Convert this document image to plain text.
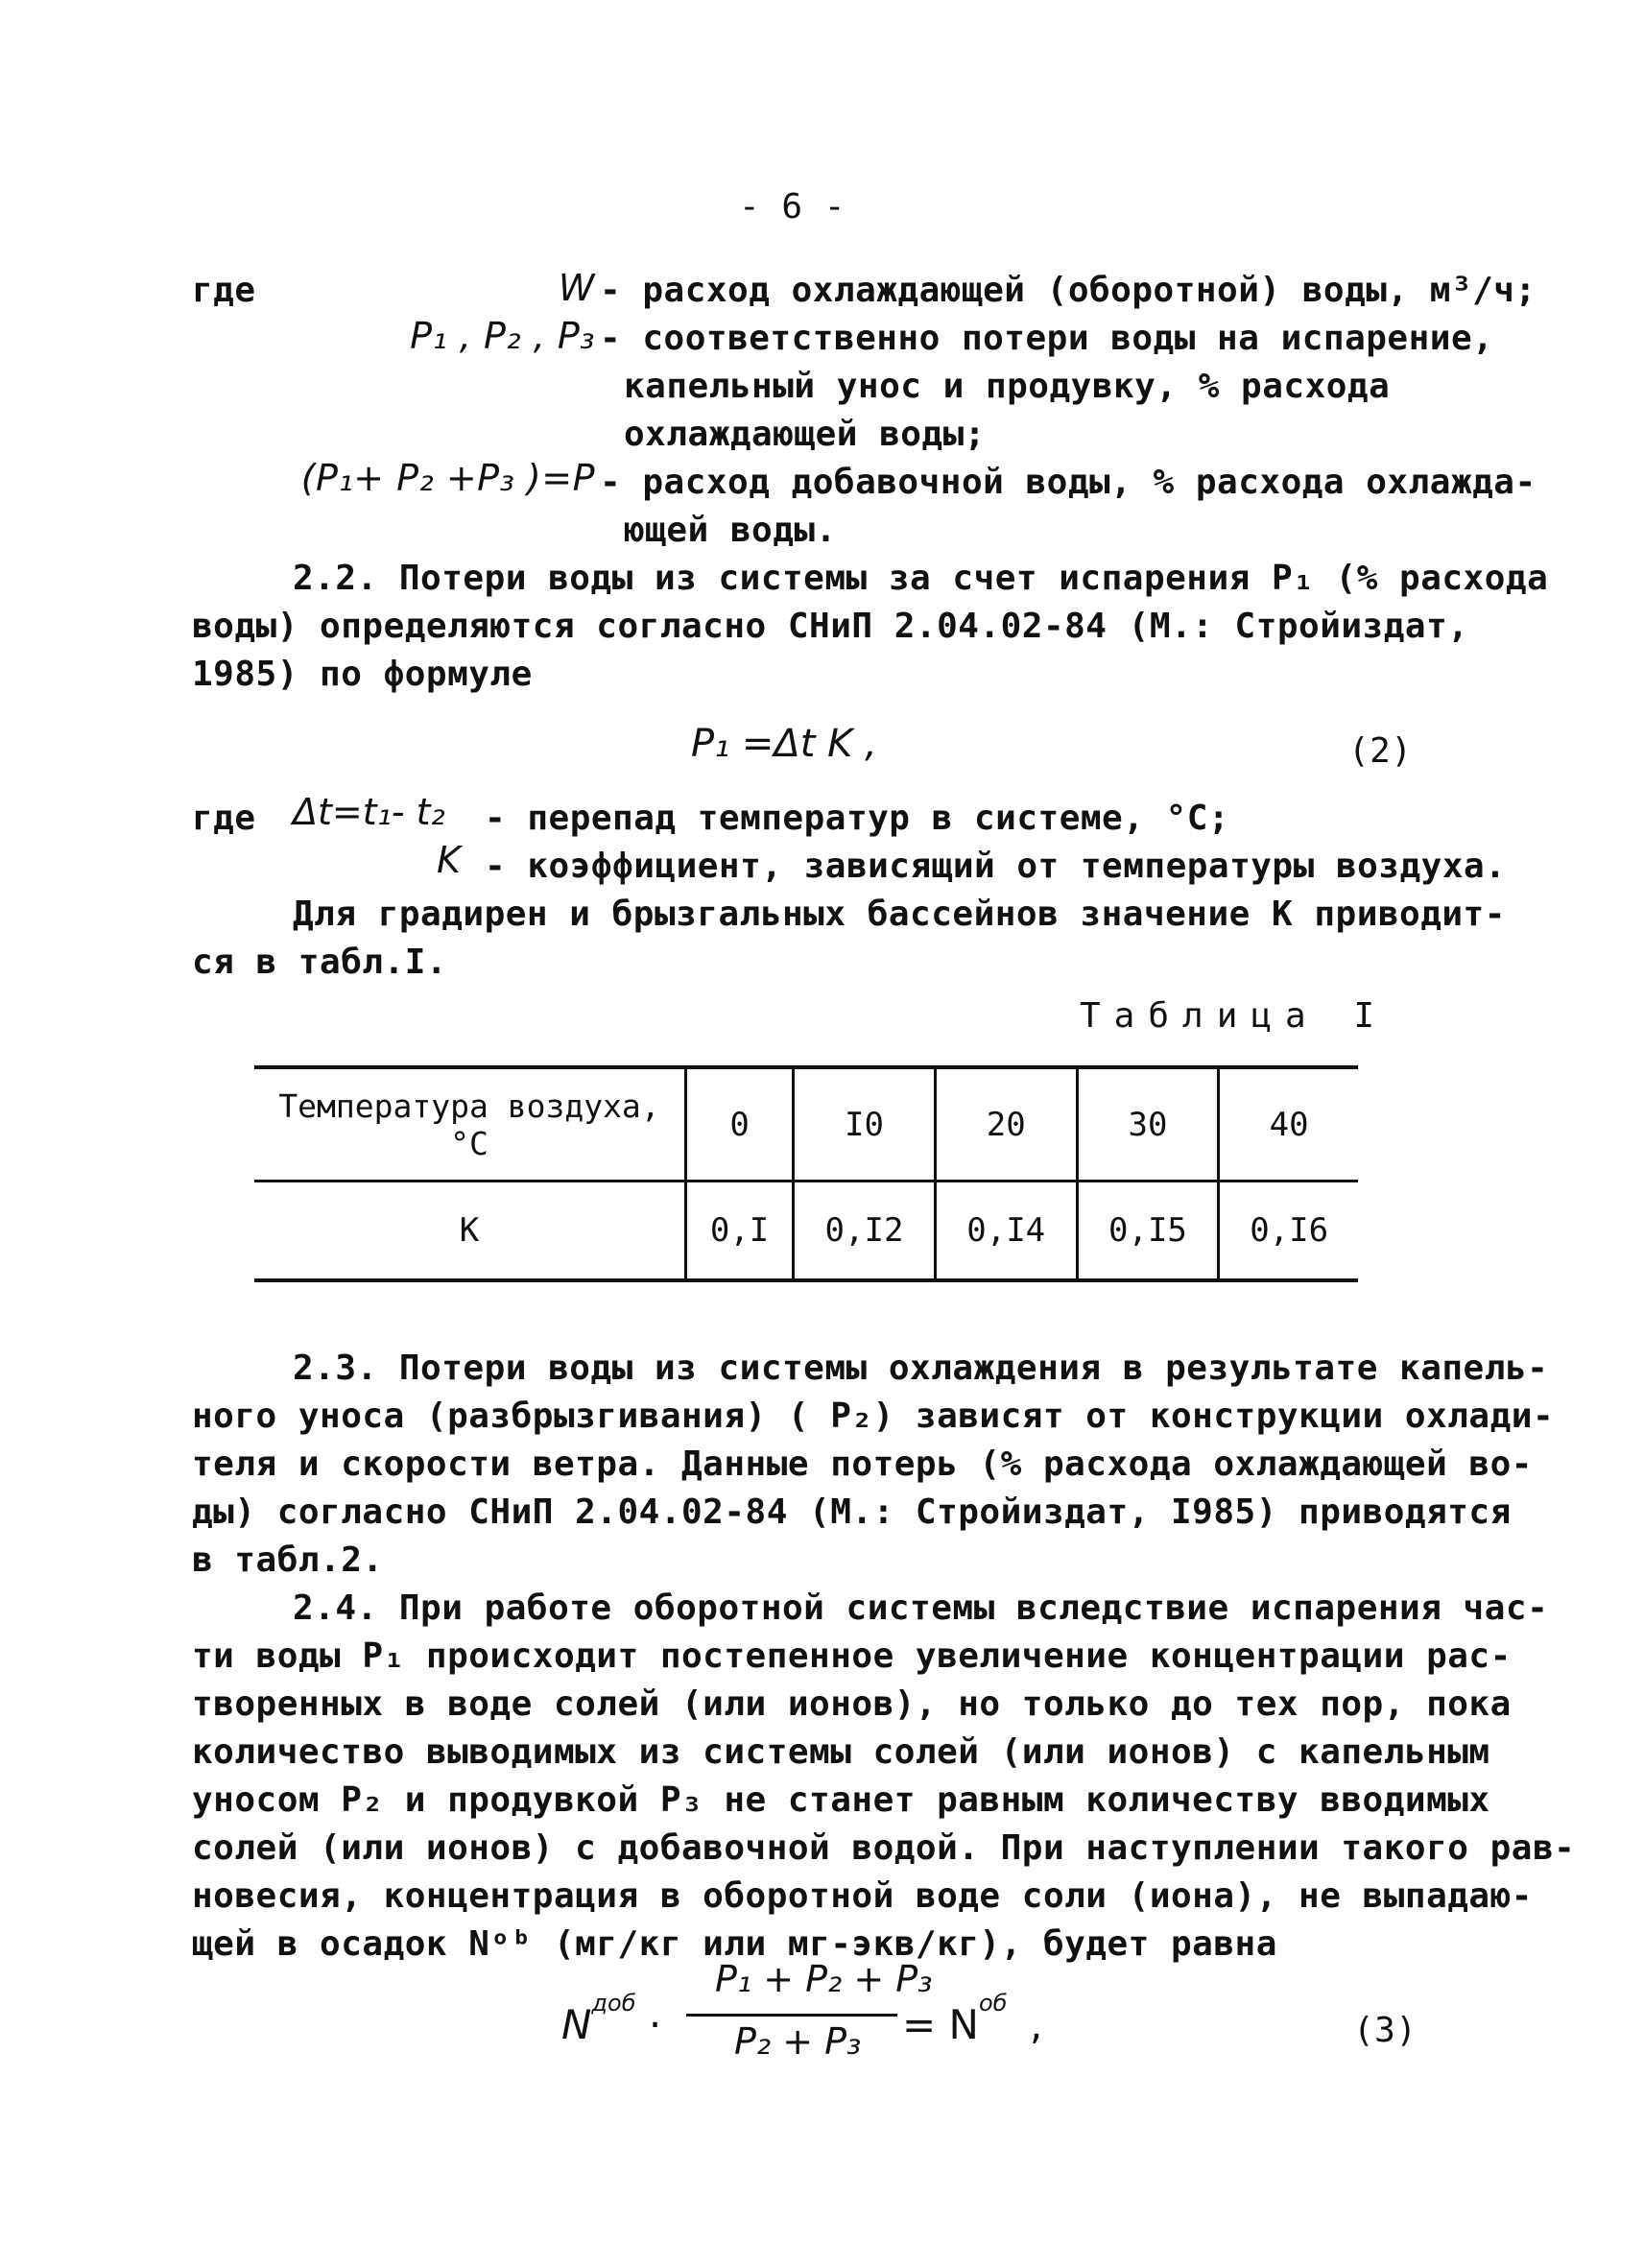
- 6 -
где	W - расход охлаждающей (оборотной) воды, м³/ч;
P₁ , P₂ , P₃ - соответственно потери воды на испарение,
капельный унос и продувку, % расхода
охлаждающей воды;
(P₁+ P₂ +P₃ )=P - расход добавочной воды, % расхода охлажда-
ющей воды.
2.2. Потери воды из системы за счет испарения P₁ (% расхода
воды) определяются согласно СНиП 2.04.02-84 (М.: Стройиздат,
1985) по формуле
P₁ =Δt K ,	(2)
где Δt=t₁- t₂ - перепад температур в системе, °C;
K - коэффициент, зависящий от температуры воздуха.
Для градирен и брызгальных бассейнов значение K приводит-
ся в табл.I.
Таблица I
Температура воздуха,
°C	0	I0	20	30	40
К	0,I	0,I2	0,I4	0,I5	0,I6
2.3. Потери воды из системы охлаждения в результате капель-
ного уноса (разбрызгивания) ( P₂) зависят от конструкции охлади-
теля и скорости ветра. Данные потерь (% расхода охлаждающей во-
ды) согласно СНиП 2.04.02-84 (М.: Стройиздат, I985) приводятся
в табл.2.
2.4. При работе оборотной системы вследствие испарения час-
ти воды P₁ происходит постепенное увеличение концентрации рас-
творенных в воде солей (или ионов), но только до тех пор, пока
количество выводимых из системы солей (или ионов) с капельным
уносом P₂ и продувкой P₃ не станет равным количеству вводимых
солей (или ионов) с добавочной водой. При наступлении такого рав-
новесия, концентрация в оборотной воде соли (иона), не выпадаю-
щей в осадок Nᵒᵇ (мг/кг или мг-экв/кг), будет равна
$N^{доб}$ ·
P₁ + P₂ + P₃
$P_2 + P_3 = N^{об}$ ,	(3)
